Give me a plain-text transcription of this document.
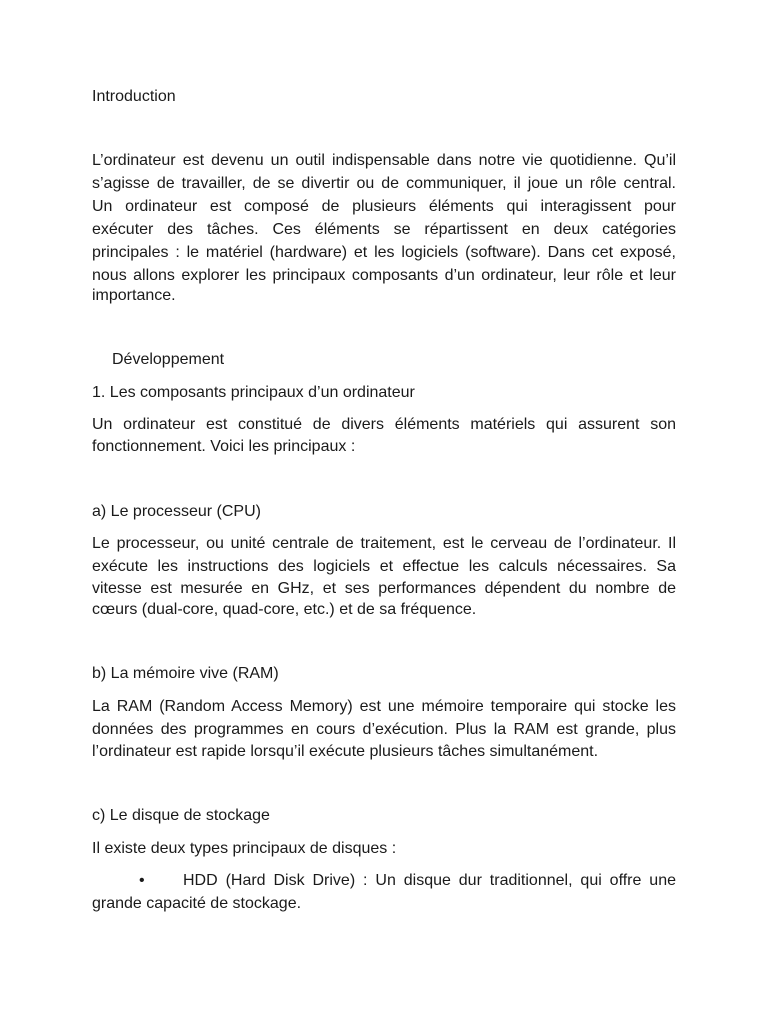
Introduction
L’ordinateur est devenu un outil indispensable dans notre vie quotidienne. Qu’il
s’agisse de travailler, de se divertir ou de communiquer, il joue un rôle central.
Un ordinateur est composé de plusieurs éléments qui interagissent pour
exécuter des tâches. Ces éléments se répartissent en deux catégories
principales : le matériel (hardware) et les logiciels (software). Dans cet exposé,
nous allons explorer les principaux composants d’un ordinateur, leur rôle et leur
importance.
Développement
1. Les composants principaux d’un ordinateur
Un ordinateur est constitué de divers éléments matériels qui assurent son
fonctionnement. Voici les principaux :
a) Le processeur (CPU)
Le processeur, ou unité centrale de traitement, est le cerveau de l’ordinateur. Il
exécute les instructions des logiciels et effectue les calculs nécessaires. Sa
vitesse est mesurée en GHz, et ses performances dépendent du nombre de
cœurs (dual-core, quad-core, etc.) et de sa fréquence.
b) La mémoire vive (RAM)
La RAM (Random Access Memory) est une mémoire temporaire qui stocke les
données des programmes en cours d’exécution. Plus la RAM est grande, plus
l’ordinateur est rapide lorsqu’il exécute plusieurs tâches simultanément.
c) Le disque de stockage
Il existe deux types principaux de disques :
• HDD (Hard Disk Drive) : Un disque dur traditionnel, qui offre une
grande capacité de stockage.
